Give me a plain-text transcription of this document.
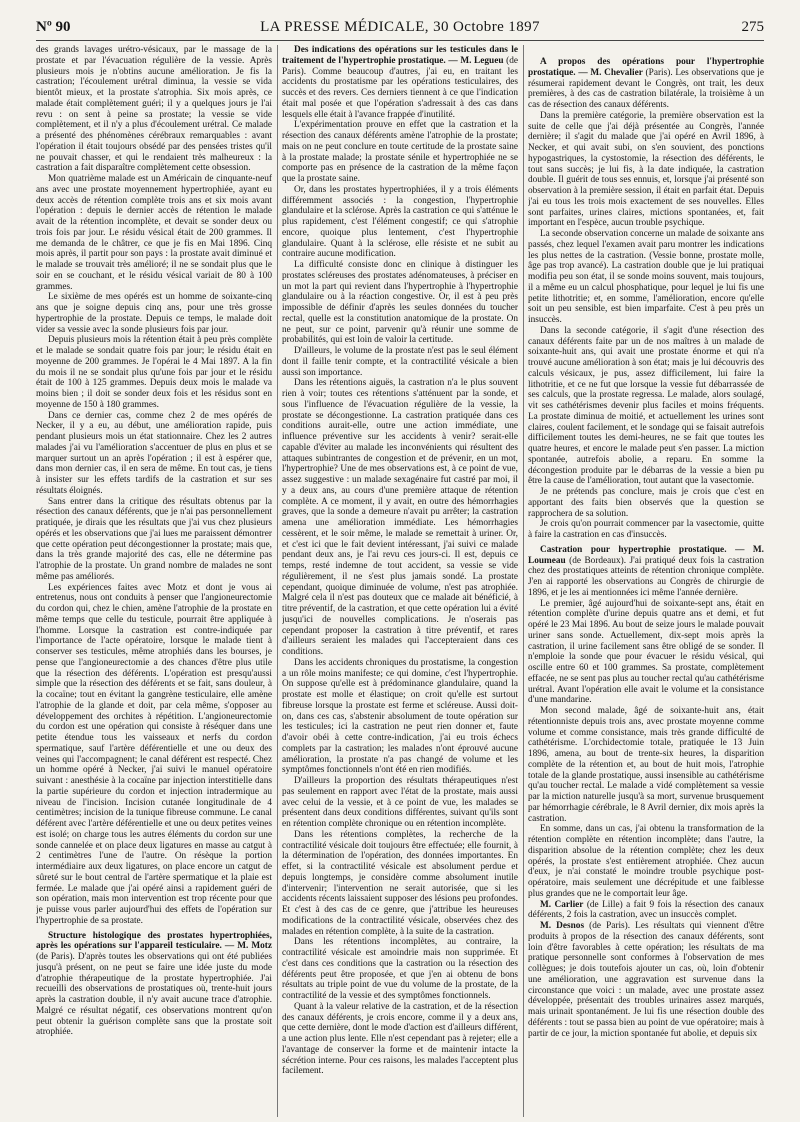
Nº 90	LA PRESSE MÉDICALE, 30 Octobre 1897	275

des grands lavages urétro-vésicaux, par le massage de la prostate et par l'évacuation régulière de la vessie. Après plusieurs mois je n'obtins aucune amélioration. Je fis la castration; l'écoulement urétral diminua, la vessie se vida bientôt mieux, et la prostate s'atrophia. Six mois après, ce malade était complètement guéri; il y a quelques jours je l'ai revu : on sent à peine sa prostate; la vessie se vide complètement, et il n'y a plus d'écoulement urétral. Ce malade a présenté des phénomènes cérébraux remarquables : avant l'opération il était toujours obsédé par des pensées tristes qu'il ne pouvait chasser, et qui le rendaient très malheureux : la castration a fait disparaître complètement cette obsession.

Mon quatrième malade est un Américain de cinquante-neuf ans avec une prostate moyennement hypertrophiée, ayant eu deux accès de rétention complète trois ans et six mois avant l'opération : depuis le dernier accès de rétention le malade avait de la rétention incomplète, et devait se sonder deux ou trois fois par jour. Le résidu vésical était de 200 grammes. Il me demanda de le châtrer, ce que je fis en Mai 1896. Cinq mois après, il partit pour son pays : la prostate avait diminué et le malade se trouvait très amélioré; il ne se sondait plus que le soir en se couchant, et le résidu vésical variait de 80 à 100 grammes.

Le sixième de mes opérés est un homme de soixante-cinq ans que je soigne depuis cinq ans, pour une très grosse hypertrophie de la prostate. Depuis ce temps, le malade doit vider sa vessie avec la sonde plusieurs fois par jour.

Depuis plusieurs mois la rétention était à peu près complète et le malade se sondait quatre fois par jour; le résidu était en moyenne de 200 grammes. Je l'opérai le 4 Mai 1897. A la fin du mois il ne se sondait plus qu'une fois par jour et le résidu était de 100 à 125 grammes. Depuis deux mois le malade va moins bien ; il doit se sonder deux fois et les résidus sont en moyenne de 150 à 180 grammes.

Dans ce dernier cas, comme chez 2 de mes opérés de Necker, il y a eu, au début, une amélioration rapide, puis pendant plusieurs mois un état stationnaire. Chez les 2 autres malades j'ai vu l'amélioration s'accentuer de plus en plus et se marquer surtout un an après l'opération ; il est à espérer que, dans mon dernier cas, il en sera de même. En tout cas, je tiens à insister sur les effets tardifs de la castration et sur ses résultats éloignés.

Sans entrer dans la critique des résultats obtenus par la résection des canaux déférents, que je n'ai pas personnellement pratiquée, je dirais que les résultats que j'ai vus chez plusieurs opérés et les observations que j'ai lues me paraissent démontrer que cette opération peut décongestionner la prostate; mais que, dans la très grande majorité des cas, elle ne détermine pas l'atrophie de la prostate. Un grand nombre de malades ne sont même pas améliorés.

Les expériences faites avec Motz et dont je vous ai entretenus, nous ont conduits à penser que l'angioneurectomie du cordon qui, chez le chien, amène l'atrophie de la prostate en même temps que celle du testicule, pourrait être appliquée à l'homme. Lorsque la castration est contre-indiquée par l'importance de l'acte opératoire, lorsque le malade tient à conserver ses testicules, même atrophiés dans les bourses, je pense que l'angioneurectomie a des chances d'être plus utile que la résection des déférents. L'opération est presqu'aussi simple que la résection des déférents et se fait, sans douleur, à la cocaïne; tout en évitant la gangrène testiculaire, elle amène l'atrophie de la glande et doit, par cela même, s'opposer au développement des orchites à répétition. L'angioneurectomie du cordon est une opération qui consiste à réséquer dans une petite étendue tous les vaisseaux et nerfs du cordon spermatique, sauf l'artère déférentielle et une ou deux des veines qui l'accompagnent; le canal déférent est respecté. Chez un homme opéré à Necker, j'ai suivi le manuel opératoire suivant : anesthésie à la cocaïne par injection interstitielle dans la partie supérieure du cordon et injection intradermique au niveau de l'incision. Incision cutanée longitudinale de 4 centimètres; incision de la tunique fibreuse commune. Le canal déférent avec l'artère déférentielle et une ou deux petites veines est isolé; on charge tous les autres éléments du cordon sur une sonde cannelée et on place deux ligatures en masse au catgut à 2 centimètres l'une de l'autre. On résèque la portion intermédiaire aux deux ligatures, on place encore un catgut de sûreté sur le bout central de l'artère spermatique et la plaie est fermée. Le malade que j'ai opéré ainsi a rapidement guéri de son opération, mais mon intervention est trop récente pour que je puisse vous parler aujourd'hui des effets de l'opération sur l'hypertrophie de sa prostate.

Structure histologique des prostates hypertrophiées, après les opérations sur l'appareil testiculaire. — M. Motz (de Paris). D'après toutes les observations qui ont été publiées jusqu'à présent, on ne peut se faire une idée juste du mode d'atrophie thérapeutique de la prostate hypertrophiée. J'ai recueilli des observations de prostatiques où, trente-huit jours après la castration double, il n'y avait aucune trace d'atrophie. Malgré ce résultat négatif, ces observations montrent qu'on peut obtenir la guérison complète sans que la prostate soit atrophiée.

Des indications des opérations sur les testicules dans le traitement de l'hypertrophie prostatique. — M. Legueu (de Paris). Comme beaucoup d'autres, j'ai eu, en traitant les accidents du prostatisme par les opérations testiculaires, des succès et des revers. Ces derniers tiennent à ce que l'indication était mal posée et que l'opération s'adressait à des cas dans lesquels elle était à l'avance frappée d'inutilité.

L'expérimentation prouve en effet que la castration et la résection des canaux déférents amène l'atrophie de la prostate; mais on ne peut conclure en toute certitude de la prostate saine à la prostate malade; la prostate sénile et hypertrophiée ne se comporte pas en présence de la castration de la même façon que la prostate saine.

Or, dans les prostates hypertrophiées, il y a trois éléments différemment associés : la congestion, l'hypertrophie glandulaire et la sclérose. Après la castration ce qui s'atténue le plus rapidement, c'est l'élément congestif; ce qui s'atrophie encore, quoique plus lentement, c'est l'hypertrophie glandulaire. Quant à la sclérose, elle résiste et ne subit au contraire aucune modification.

La difficulté consiste donc en clinique à distinguer les prostates scléreuses des prostates adénomateuses, à préciser en un mot la part qui revient dans l'hypertrophie à l'hypertrophie glandulaire ou à la réaction congestive. Or, il est à peu près impossible de définir d'après les seules données du toucher rectal, quelle est la constitution anatomique de la prostate. On ne peut, sur ce point, parvenir qu'à réunir une somme de probabilités, qui est loin de valoir la certitude.

D'ailleurs, le volume de la prostate n'est pas le seul élément dont il faille tenir compte, et la contractilité vésicale a bien aussi son importance.

Dans les rétentions aiguës, la castration n'a le plus souvent rien à voir; toutes ces rétentions s'atténuent par la sonde, et sous l'influence de l'évacuation régulière de la vessie, la prostate se décongestionne. La castration pratiquée dans ces conditions aurait-elle, outre une action immédiate, une influence préventive sur les accidents à venir? serait-elle capable d'éviter au malade les inconvénients qui résultent des attaques subintrantes de congestion et de prévenir, en un mot, l'hypertrophie? Une de mes observations est, à ce point de vue, assez suggestive : un malade sexagénaire fut castré par moi, il y a deux ans, au cours d'une première attaque de rétention complète. A ce moment, il y avait, en outre des hémorrhagies graves, que la sonde a demeure n'avait pu arrêter; la castration amena une amélioration immédiate. Les hémorrhagies cessèrent, et le soir même, le malade se remettait à uriner. Or, et c'est ici que le fait devient intéressant, j'ai suivi ce malade pendant deux ans, je l'ai revu ces jours-ci. Il est, depuis ce temps, resté indemne de tout accident, sa vessie se vide régulièrement, il ne s'est plus jamais sondé. La prostate cependant, quoique diminuée de volume, n'est pas atrophiée. Malgré cela il n'est pas douteux que ce malade ait bénéficié, à titre préventif, de la castration, et que cette opération lui a évité jusqu'ici de nouvelles complications. Je n'oserais pas cependant proposer la castration à titre préventif, et rares d'ailleurs seraient les malades qui l'accepteraient dans ces conditions.

Dans les accidents chroniques du prostatisme, la congestion a un rôle moins manifeste; ce qui domine, c'est l'hypertrophie. On suppose qu'elle est à prédominance glandulaire, quand la prostate est molle et élastique; on croit qu'elle est surtout fibreuse lorsque la prostate est ferme et scléreuse. Aussi doit-on, dans ces cas, s'abstenir absolument de toute opération sur les testicules; ici la castration ne peut rien donner et, faute d'avoir obéi à cette contre-indication, j'ai eu trois échecs complets par la castration; les malades n'ont éprouvé aucune amélioration, la prostate n'a pas changé de volume et les symptômes fonctionnels n'ont été en rien modifiés.

D'ailleurs la proportion des résultats thérapeutiques n'est pas seulement en rapport avec l'état de la prostate, mais aussi avec celui de la vessie, et à ce point de vue, les malades se présentent dans deux conditions différentes, suivant qu'ils sont en rétention complète chronique ou en rétention incomplète.

Dans les rétentions complètes, la recherche de la contractilité vésicale doit toujours être effectuée; elle fournit, à la détermination de l'opération, des données importantes. En effet, si la contractilité vésicale est absolument perdue et depuis longtemps, je considère comme absolument inutile d'intervenir; l'intervention ne serait autorisée, que si les accidents récents laissaient supposer des lésions peu profondes. Et c'est à des cas de ce genre, que j'attribue les heureuses modifications de la contractilité vésicale, observées chez des malades en rétention complète, à la suite de la castration.

Dans les rétentions incomplètes, au contraire, la contractilité vésicale est amoindrie mais non supprimée. Et c'est dans ces conditions que la castration ou la résection des déférents peut être proposée, et que j'en ai obtenu de bons résultats au triple point de vue du volume de la prostate, de la contractilité de la vessie et des symptômes fonctionnels.

Quant à la valeur relative de la castration, et de la résection des canaux déférents, je crois encore, comme il y a deux ans, que cette dernière, dont le mode d'action est d'ailleurs différent, a une action plus lente. Elle n'est cependant pas à rejeter; elle a l'avantage de conserver la forme et de maintenir intacte la sécrétion interne. Pour ces raisons, les malades l'acceptent plus facilement.

A propos des opérations pour l'hypertrophie prostatique. — M. Chevalier (Paris). Les observations que je résumerai rapidement devant le Congrès, ont trait, les deux premières, à des cas de castration bilatérale, la troisième à un cas de résection des canaux déférents.

Dans la première catégorie, la première observation est la suite de celle que j'ai déjà présentée au Congrès, l'année dernière; il s'agit du malade que j'ai opéré en Avril 1896, à Necker, et qui avait subi, on s'en souvient, des ponctions hypogastriques, la cystostomie, la résection des déférents, le tout sans succès; je lui fis, à la date indiquée, la castration double. Il guérit de tous ses ennuis, et, lorsque j'ai présenté son observation à la première session, il était en parfait état. Depuis j'ai eu tous les trois mois exactement de ses nouvelles. Elles sont parfaites, urines claires, mictions spontanées, et, fait important en l'espèce, aucun trouble psychique.

La seconde observation concerne un malade de soixante ans passés, chez lequel l'examen avait paru montrer les indications les plus nettes de la castration. (Vessie bonne, prostate molle, âge pas trop avancé). La castration double que je lui pratiquai modifia peu son état, il se sonde moins souvent, mais toujours, il a même eu un calcul phosphatique, pour lequel je lui fis une petite lithotritie; et, en somme, l'amélioration, encore qu'elle soit un peu sensible, est bien imparfaite. C'est à peu près un insuccès.

Dans la seconde catégorie, il s'agit d'une résection des canaux déférents faite par un de nos maîtres à un malade de soixante-huit ans, qui avait une prostate énorme et qui n'a trouvé aucune amélioration à son état; mais je lui découvris des calculs vésicaux, je pus, assez difficilement, lui faire la lithotritie, et ce ne fut que lorsque la vessie fut débarrassée de ses calculs, que la prostate regressa. Le malade, alors soulagé, vit ses cathétérismes devenir plus faciles et moins fréquents. La prostate diminua de moitié, et actuellement les urines sont claires, coulent facilement, et le sondage qui se faisait autrefois difficilement toutes les demi-heures, ne se fait que toutes les quatre heures, et encore le malade peut s'en passer. La miction spontanée, autrefois abolie, a reparu. En somme la décongestion produite par le débarras de la vessie a bien pu être la cause de l'amélioration, tout autant que la vasectomie.

Je ne prétends pas conclure, mais je crois que c'est en apportant des faits bien observés que la question se rapprochera de sa solution.

Je crois qu'on pourrait commencer par la vasectomie, quitte à faire la castration en cas d'insuccès.

Castration pour hypertrophie prostatique. — M. Loumeau (de Bordeaux). J'ai pratiqué deux fois la castration chez des prostatiques atteints de rétention chronique complète. J'en ai rapporté les observations au Congrès de chirurgie de 1896, et je les ai mentionnées ici même l'année dernière.

Le premier, âgé aujourd'hui de soixante-sept ans, était en rétention complète d'urine depuis quatre ans et demi, et fut opéré le 23 Mai 1896. Au bout de seize jours le malade pouvait uriner sans sonde. Actuellement, dix-sept mois après la castration, il urine facilement sans être obligé de se sonder. Il n'emploie la sonde que pour évacuer le résidu vésical, qui oscille entre 60 et 100 grammes. Sa prostate, complètement effacée, ne se sent pas plus au toucher rectal qu'au cathétérisme urétral. Avant l'opération elle avait le volume et la consistance d'une mandarine.

Mon second malade, âgé de soixante-huit ans, était rétentionniste depuis trois ans, avec prostate moyenne comme volume et comme consistance, mais très grande difficulté de cathétérisme. L'orchidectomie totale, pratiquée le 13 Juin 1896, amena, au bout de trente-six heures, la disparition complète de la rétention et, au bout de huit mois, l'atrophie totale de la glande prostatique, aussi insensible au cathétérisme qu'au toucher rectal. Le malade a vidé complètement sa vessie par la miction naturelle jusqu'à sa mort, survenue brusquement par hémorrhagie cérébrale, le 8 Avril dernier, dix mois après la castration.

En somme, dans un cas, j'ai obtenu la transformation de la rétention complète en rétention incomplète; dans l'autre, la disparition absolue de la rétention complète; chez les deux opérés, la prostate s'est entièrement atrophiée. Chez aucun d'eux, je n'ai constaté le moindre trouble psychique post-opératoire, mais seulement une décrépitude et une faiblesse plus grandes que ne le comportait leur âge.

M. Carlier (de Lille) a fait 9 fois la résection des canaux déférents, 2 fois la castration, avec un insuccès complet.

M. Desnos (de Paris). Les résultats qui viennent d'être produits à propos de la résection des canaux déférents, sont loin d'être favorables à cette opération; les résultats de ma pratique personnelle sont conformes à l'observation de mes collègues; je dois toutefois ajouter un cas, où, loin d'obtenir une amélioration, une aggravation est survenue dans la circonstance que voici : un malade, avec une prostate assez développée, présentait des troubles urinaires assez marqués, mais urinait spontanément. Je lui fis une résection double des déférents : tout se passa bien au point de vue opératoire; mais à partir de ce jour, la miction spontanée fut abolie, et depuis six
